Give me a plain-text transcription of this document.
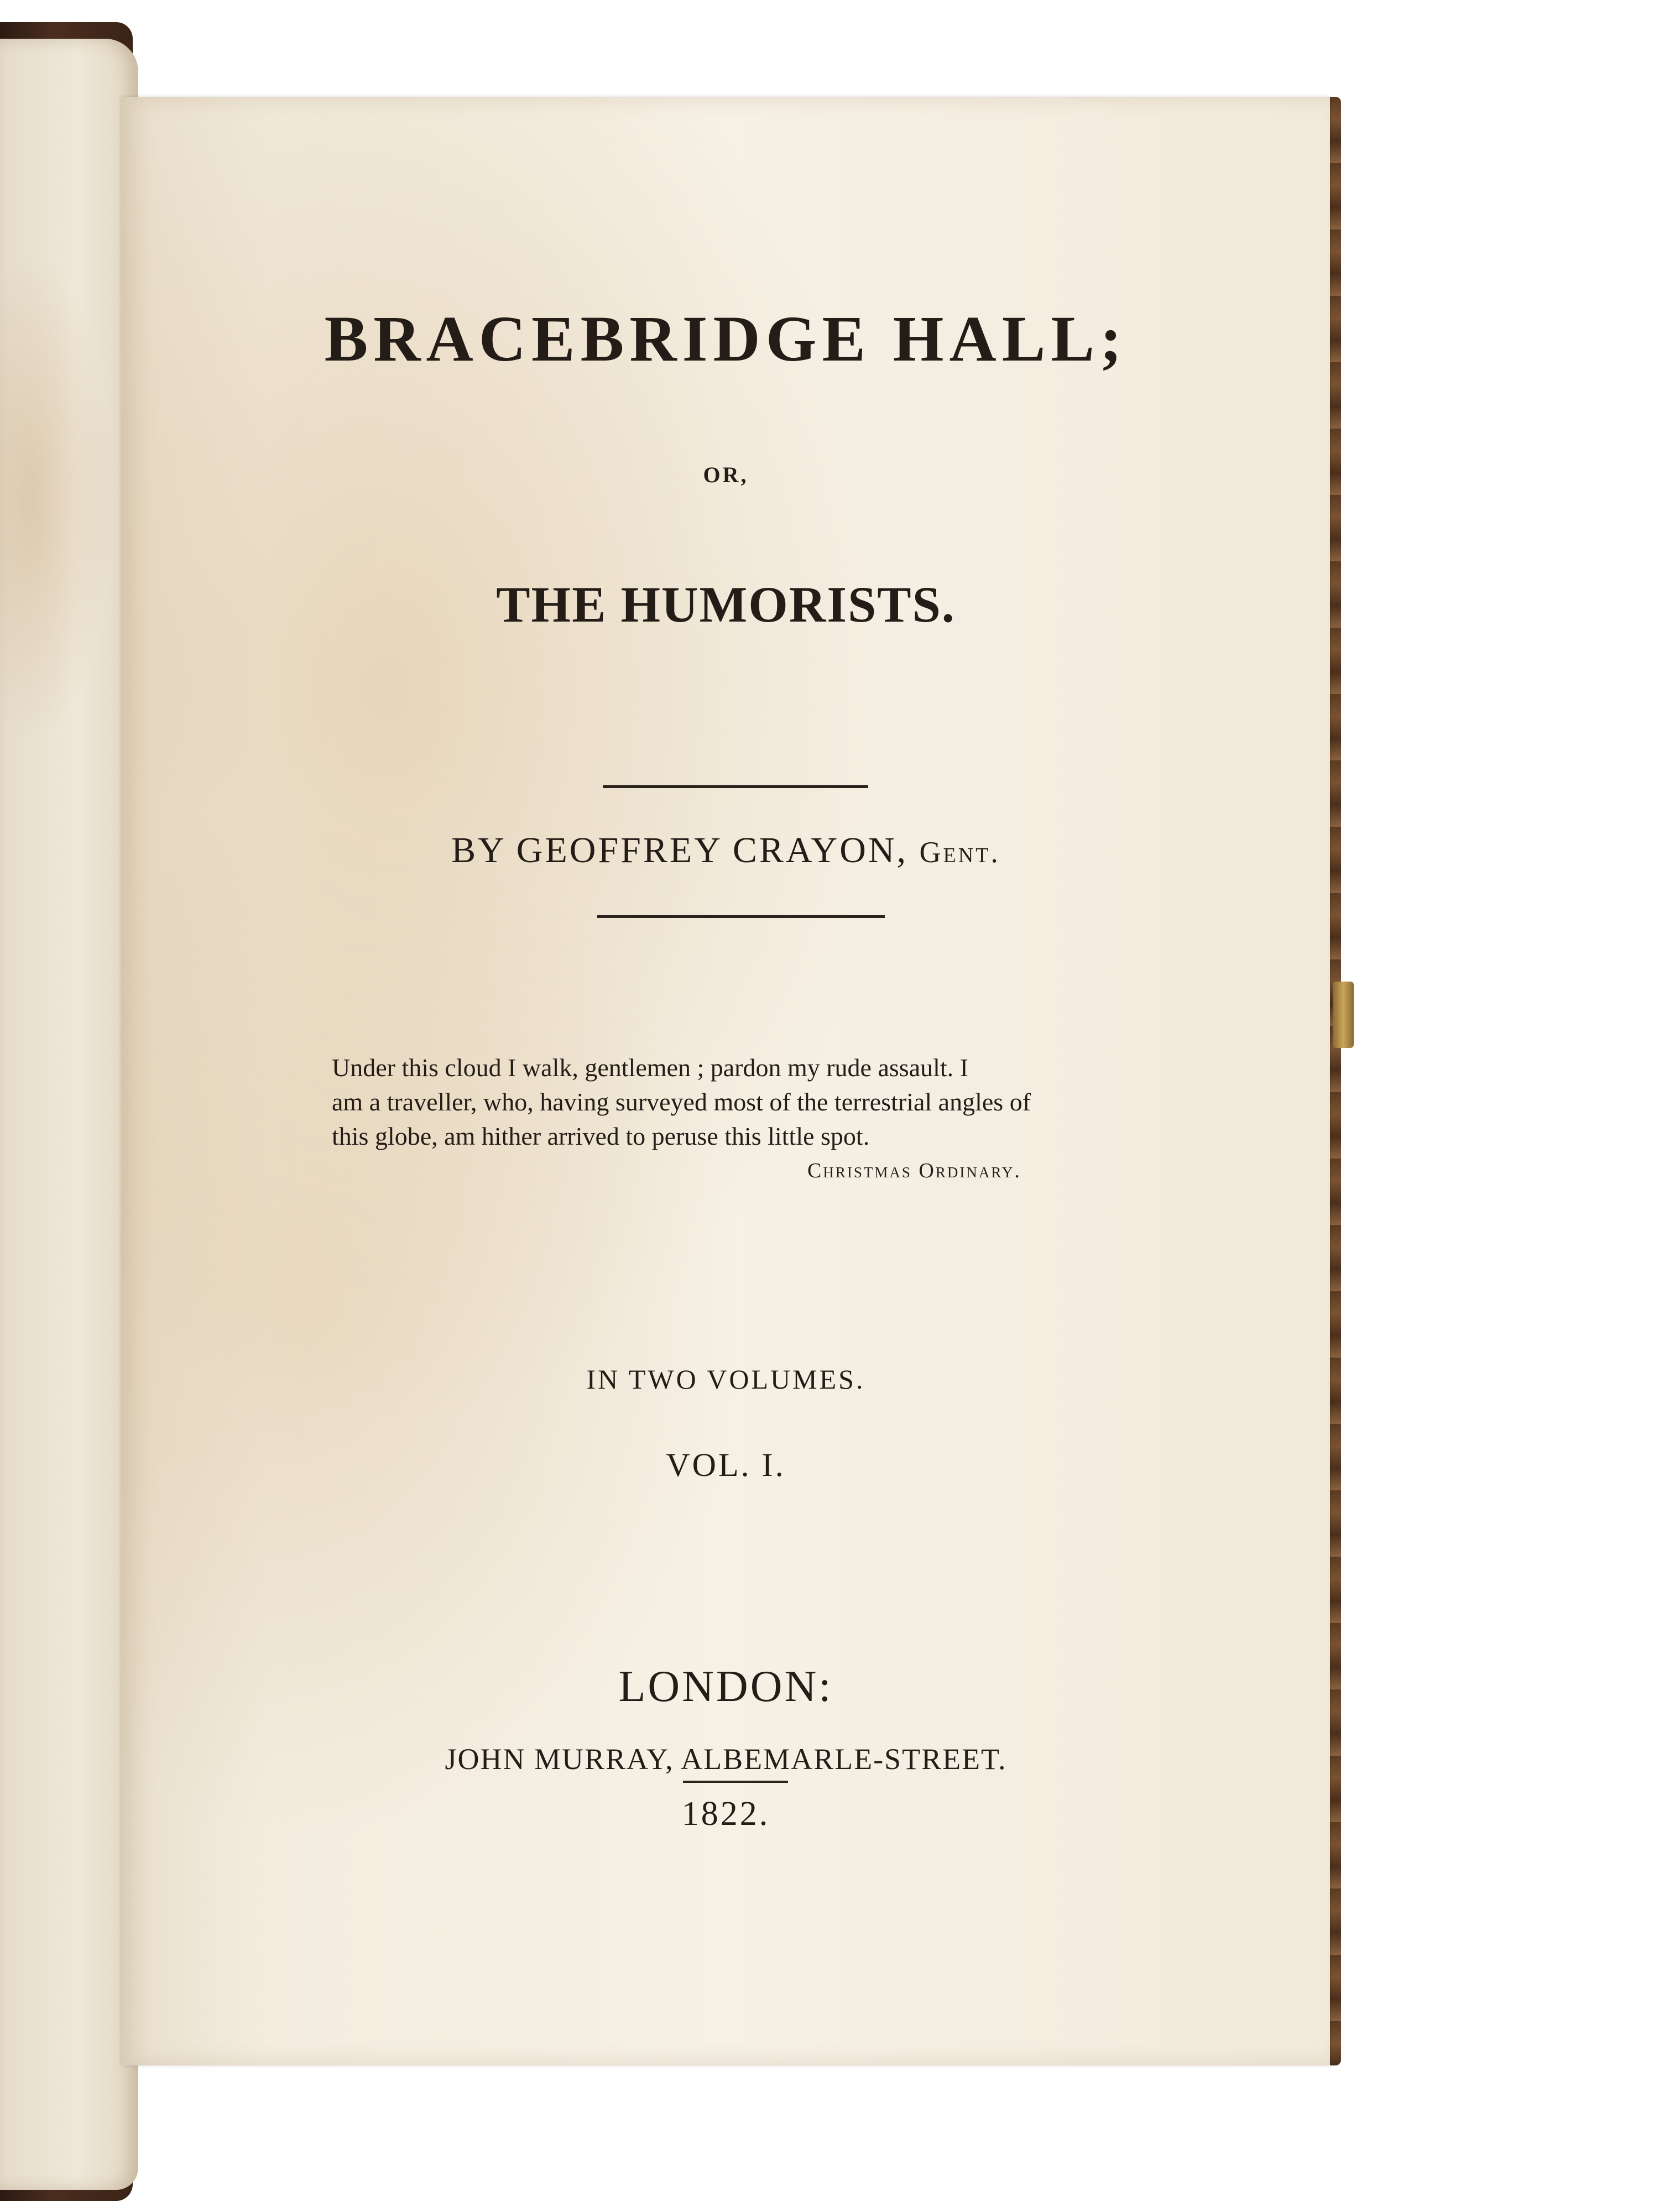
BRACEBRIDGE HALL;

OR,

THE HUMORISTS.

BY GEOFFREY CRAYON, Gent.

Under this cloud I walk, gentlemen ; pardon my rude assault. I
am a traveller, who, having surveyed most of the terrestrial angles of
this globe, am hither arrived to peruse this little spot.

Christmas Ordinary.

IN TWO VOLUMES.

VOL. I.

LONDON:

JOHN MURRAY, ALBEMARLE-STREET.

1822.
